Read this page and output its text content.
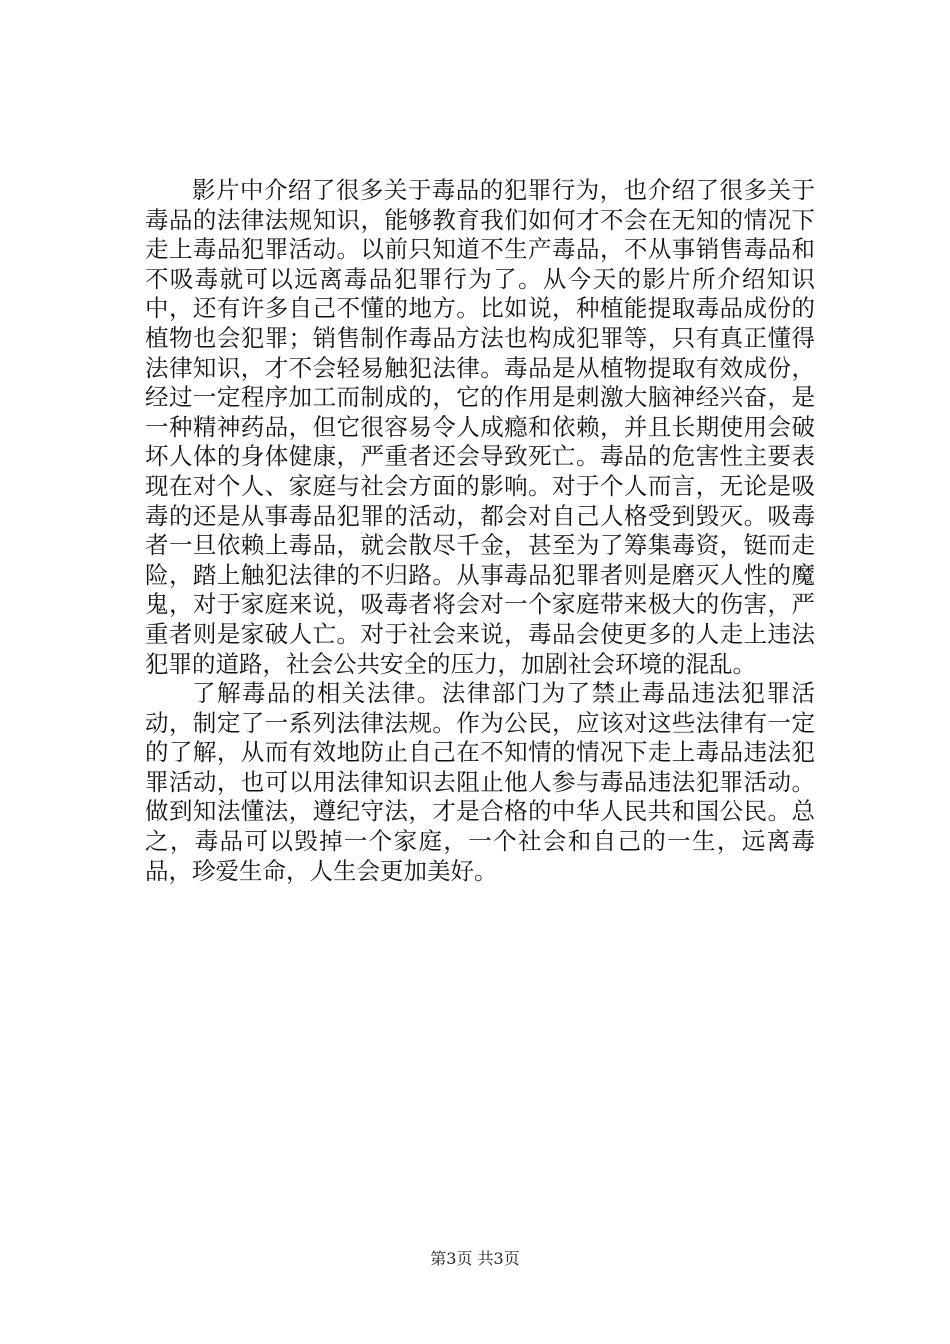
影片中介绍了很多关于毒品的犯罪行为，也介绍了很多关于毒品的法律法规知识，能够教育我们如何才不会在无知的情况下走上毒品犯罪活动。以前只知道不生产毒品，不从事销售毒品和不吸毒就可以远离毒品犯罪行为了。从今天的影片所介绍知识中，还有许多自己不懂的地方。比如说，种植能提取毒品成份的植物也会犯罪；销售制作毒品方法也构成犯罪等，只有真正懂得法律知识，才不会轻易触犯法律。毒品是从植物提取有效成份，经过一定程序加工而制成的，它的作用是刺激大脑神经兴奋，是一种精神药品，但它很容易令人成瘾和依赖，并且长期使用会破坏人体的身体健康，严重者还会导致死亡。毒品的危害性主要表现在对个人、家庭与社会方面的影响。对于个人而言，无论是吸毒的还是从事毒品犯罪的活动，都会对自己人格受到毁灭。吸毒者一旦依赖上毒品，就会散尽千金，甚至为了筹集毒资，铤而走险，踏上触犯法律的不归路。从事毒品犯罪者则是磨灭人性的魔鬼，对于家庭来说，吸毒者将会对一个家庭带来极大的伤害，严重者则是家破人亡。对于社会来说，毒品会使更多的人走上违法犯罪的道路，社会公共安全的压力，加剧社会环境的混乱。

了解毒品的相关法律。法律部门为了禁止毒品违法犯罪活动，制定了一系列法律法规。作为公民，应该对这些法律有一定的了解，从而有效地防止自己在不知情的情况下走上毒品违法犯罪活动，也可以用法律知识去阻止他人参与毒品违法犯罪活动。做到知法懂法，遵纪守法，才是合格的中华人民共和国公民。总之，毒品可以毁掉一个家庭，一个社会和自己的一生，远离毒品，珍爱生命，人生会更加美好。

第3页 共3页
